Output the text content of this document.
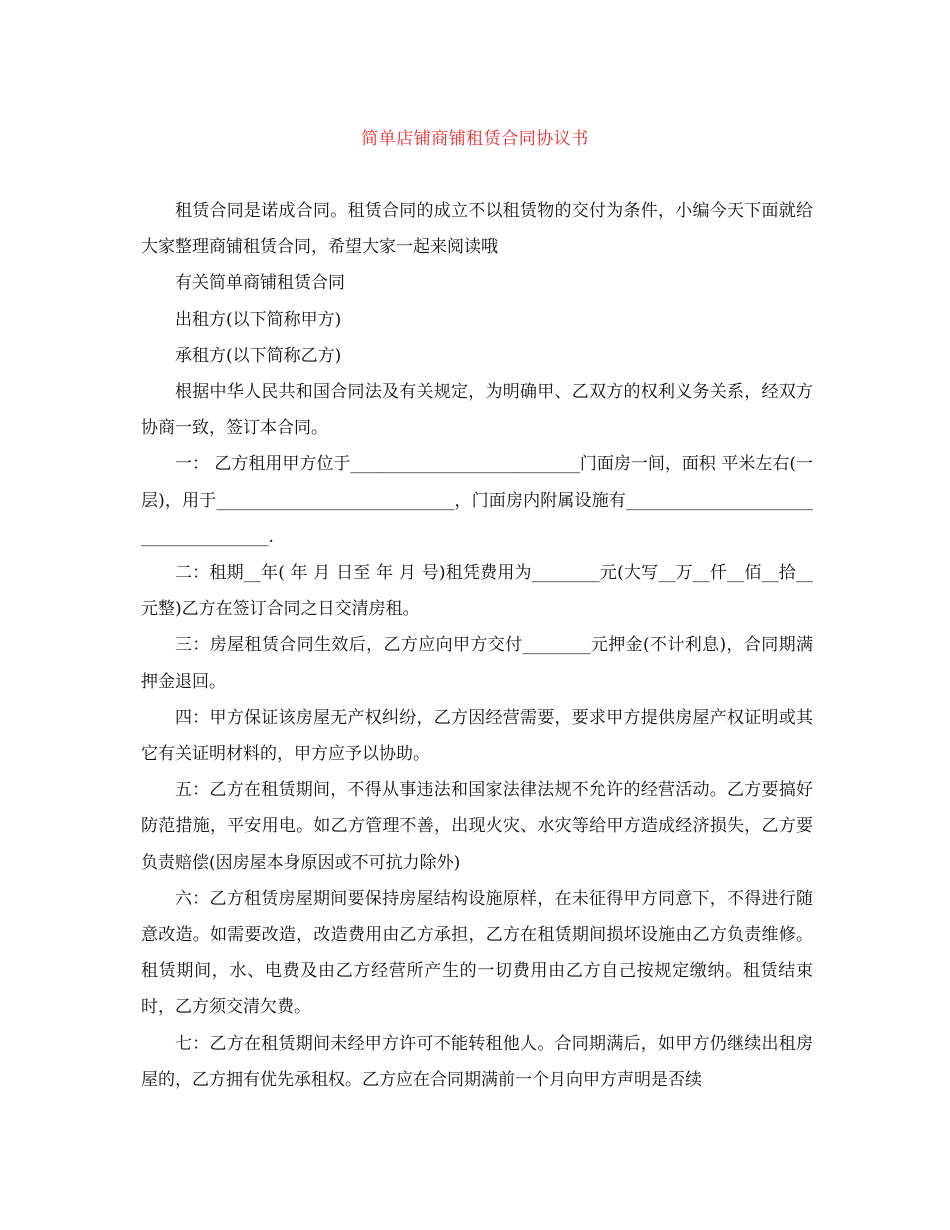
简单店铺商铺租赁合同协议书

租赁合同是诺成合同。租赁合同的成立不以租赁物的交付为条件，小编今天下面就给大家整理商铺租赁合同，希望大家一起来阅读哦

有关简单商铺租赁合同

出租方(以下简称甲方)

承租方(以下简称乙方)

根据中华人民共和国合同法及有关规定，为明确甲、乙双方的权利义务关系，经双方协商一致，签订本合同。

一： 乙方租用甲方位于___________________________门面房一间，面积 平米左右(一层)，用于____________________________，门面房内附属设施有_____________________________________.

二：租期__年( 年 月 日至 年 月 号)租凭费用为________元(大写__万__仟__佰__拾__元整)乙方在签订合同之日交清房租。

三：房屋租赁合同生效后，乙方应向甲方交付________元押金(不计利息)，合同期满押金退回。

四：甲方保证该房屋无产权纠纷，乙方因经营需要，要求甲方提供房屋产权证明或其它有关证明材料的，甲方应予以协助。

五：乙方在租赁期间，不得从事违法和国家法律法规不允许的经营活动。乙方要搞好防范措施，平安用电。如乙方管理不善，出现火灾、水灾等给甲方造成经济损失，乙方要负责赔偿(因房屋本身原因或不可抗力除外)

六：乙方租赁房屋期间要保持房屋结构设施原样，在未征得甲方同意下，不得进行随意改造。如需要改造，改造费用由乙方承担，乙方在租赁期间损坏设施由乙方负责维修。租赁期间，水、电费及由乙方经营所产生的一切费用由乙方自己按规定缴纳。租赁结束时，乙方须交清欠费。

七：乙方在租赁期间未经甲方许可不能转租他人。合同期满后，如甲方仍继续出租房屋的，乙方拥有优先承租权。乙方应在合同期满前一个月向甲方声明是否续
